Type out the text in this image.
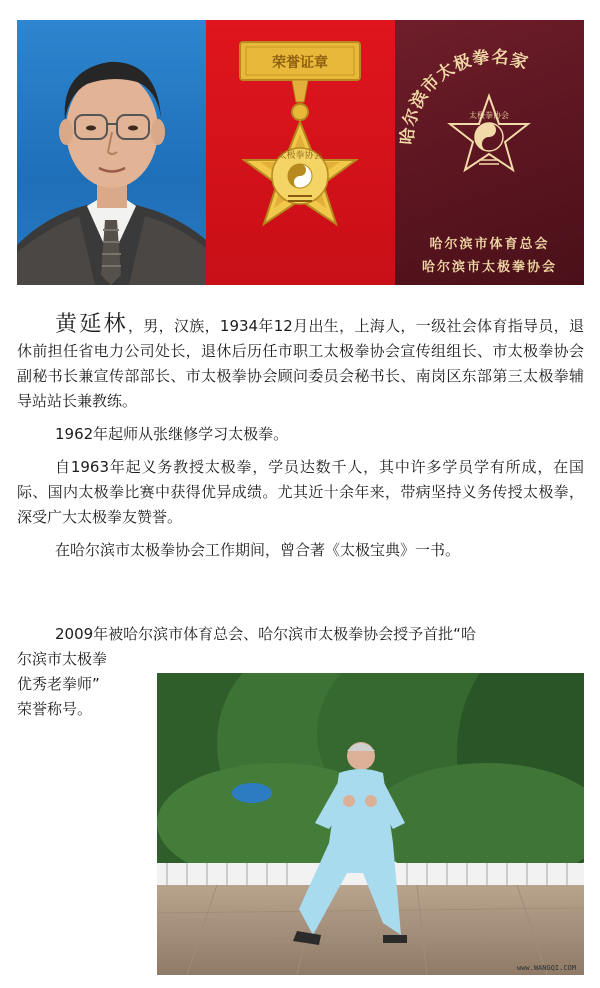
荣誉证章
太极拳协会
哈尔滨市太极拳名家
太极拳协会
哈尔滨市体育总会
哈尔滨市太极拳协会

黄延林，男，汉族，1934年12月出生，上海人，一级社会体育指导员，退休前担任省电力公司处长，退休后历任市职工太极拳协会宣传组组长、市太极拳协会副秘书长兼宣传部部长、市太极拳协会顾问委员会秘书长、南岗区东部第三太极拳辅导站站长兼教练。

1962年起师从张继修学习太极拳。

自1963年起义务教授太极拳，学员达数千人，其中许多学员学有所成，在国际、国内太极拳比赛中获得优异成绩。尤其近十余年来，带病坚持义务传授太极拳，深受广大太极拳友赞誉。

在哈尔滨市太极拳协会工作期间，曾合著《太极宝典》一书。

2009年被哈尔滨市体育总会、哈尔滨市太极拳协会授予首批“哈
尔滨市太极拳
优秀老拳师”
荣誉称号。
www.WANGQI.COM
